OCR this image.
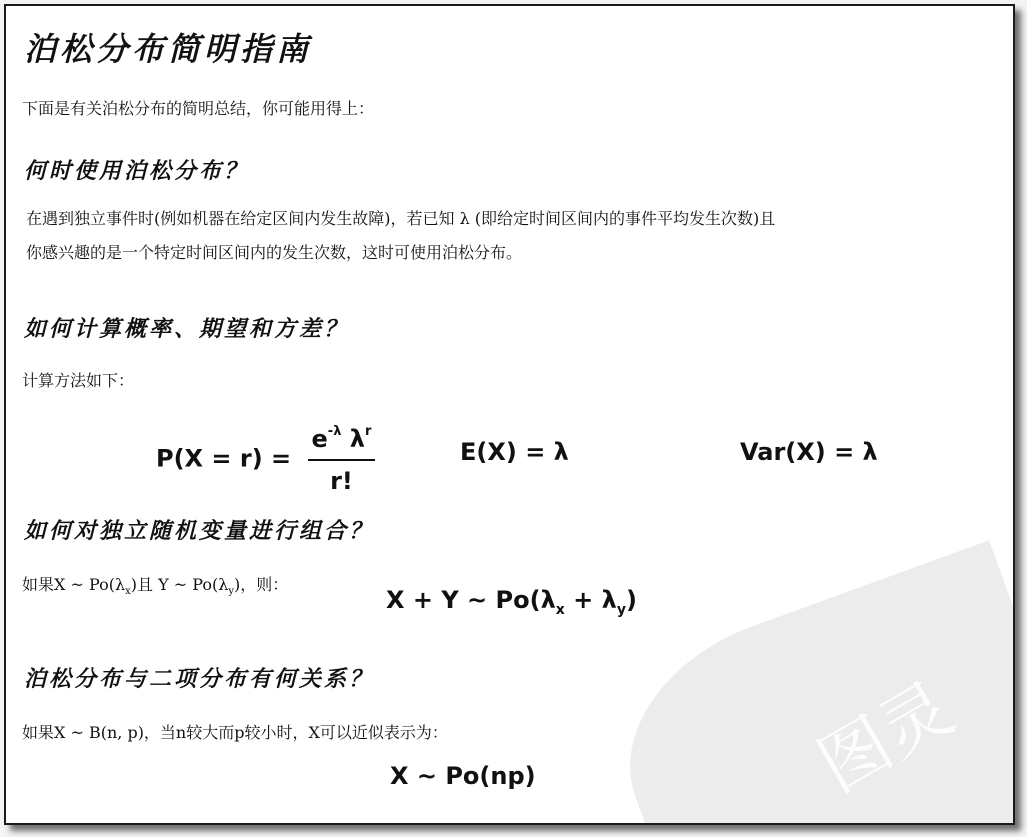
图灵
泊松分布简明指南
下面是有关泊松分布的简明总结，你可能用得上：
何时使用泊松分布？
在遇到独立事件时(例如机器在给定区间内发生故障)，若已知 λ (即给定时间区间内的事件平均发生次数)且
你感兴趣的是一个特定时间区间内的发生次数，这时可使用泊松分布。
如何计算概率、期望和方差？
计算方法如下：
$P(X = r) = \frac{e^{-\lambda} \lambda^r}{r!}$	E(X) = λ	Var(X) = λ
如何对独立随机变量进行组合？
如果X ~ $Po(\lambda_x)$且 Y ~ $Po(\lambda_y)$，则：
X + Y ~ $Po(\lambda_x + \lambda_y)$
泊松分布与二项分布有何关系？
如果X ~ B(n, p)，当n较大而p较小时，X可以近似表示为：
X ~ Po(np)
